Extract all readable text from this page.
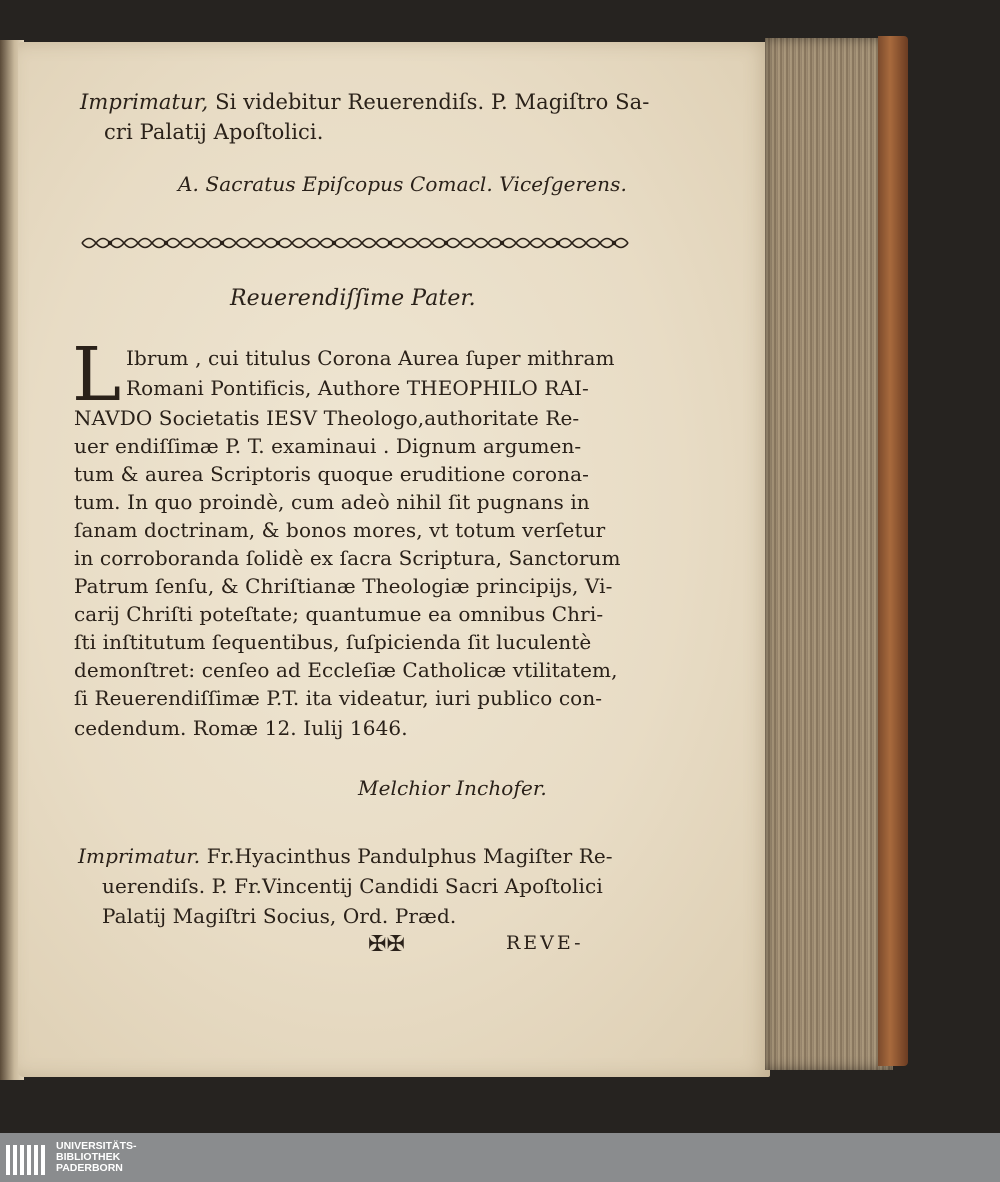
Imprimatur, Si videbitur Reuerendiſs. P. Magiſtro Sa-
cri Palatij Apoſtolici.
A. Sacratus Epiſcopus Comacl. Viceſgerens.
Reuerendiſſime Pater.
L Ibrum , cui titulus Corona Aurea ſuper mithram
Romani Pontificis, Authore THEOPHILO RAI-
NAVDO Societatis IESV Theologo,authoritate Re-
uer endiſſimæ P. T. examinaui . Dignum argumen-
tum & aurea Scriptoris quoque eruditione corona-
tum. In quo proindè, cum adeò nihil ſit pugnans in
ſanam doctrinam, & bonos mores, vt totum verſetur
in corroboranda ſolidè ex ſacra Scriptura, Sanctorum
Patrum ſenſu, & Chriſtianæ Theologiæ principijs, Vi-
carij Chriſti poteſtate; quantumue ea omnibus Chri-
ſti inſtitutum ſequentibus, ſuſpicienda ſit luculentè
demonſtret: cenſeo ad Eccleſiæ Catholicæ vtilitatem,
ſi Reuerendiſſimæ P.T. ita videatur, iuri publico con-
cedendum. Romæ 12. Iulij 1646.
Melchior Inchofer.
Imprimatur. Fr.Hyacinthus Pandulphus Magiſter Re-
uerendiſs. P. Fr.Vincentij Candidi Sacri Apoſtolici
Palatij Magiſtri Socius, Ord. Præd.
✠✠	REVE-
UNIVERSITÄTS-
BIBLIOTHEK
PADERBORN
